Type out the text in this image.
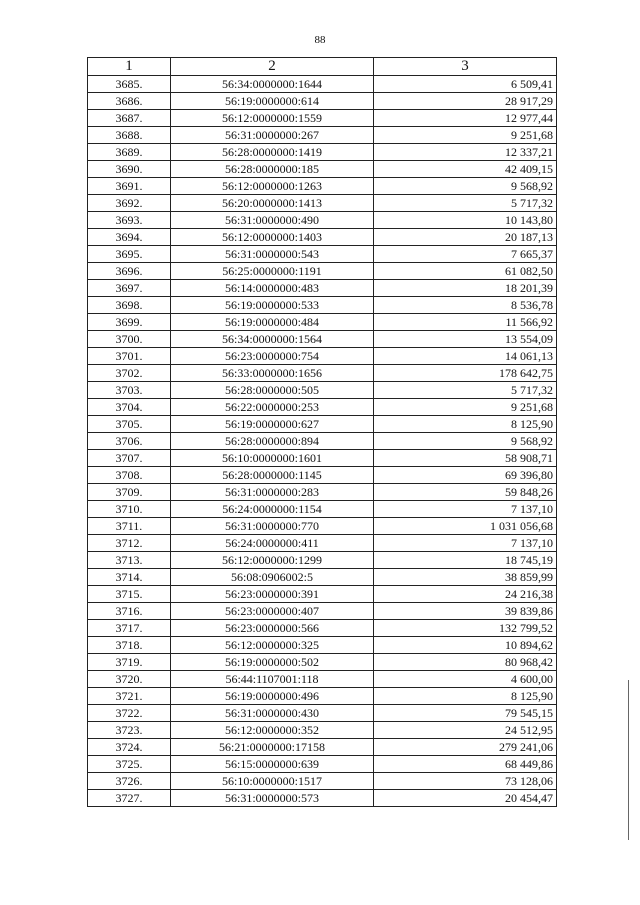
88
1	2	3
3685.	56:34:0000000:1644	6 509,41
3686.	56:19:0000000:614	28 917,29
3687.	56:12:0000000:1559	12 977,44
3688.	56:31:0000000:267	9 251,68
3689.	56:28:0000000:1419	12 337,21
3690.	56:28:0000000:185	42 409,15
3691.	56:12:0000000:1263	9 568,92
3692.	56:20:0000000:1413	5 717,32
3693.	56:31:0000000:490	10 143,80
3694.	56:12:0000000:1403	20 187,13
3695.	56:31:0000000:543	7 665,37
3696.	56:25:0000000:1191	61 082,50
3697.	56:14:0000000:483	18 201,39
3698.	56:19:0000000:533	8 536,78
3699.	56:19:0000000:484	11 566,92
3700.	56:34:0000000:1564	13 554,09
3701.	56:23:0000000:754	14 061,13
3702.	56:33:0000000:1656	178 642,75
3703.	56:28:0000000:505	5 717,32
3704.	56:22:0000000:253	9 251,68
3705.	56:19:0000000:627	8 125,90
3706.	56:28:0000000:894	9 568,92
3707.	56:10:0000000:1601	58 908,71
3708.	56:28:0000000:1145	69 396,80
3709.	56:31:0000000:283	59 848,26
3710.	56:24:0000000:1154	7 137,10
3711.	56:31:0000000:770	1 031 056,68
3712.	56:24:0000000:411	7 137,10
3713.	56:12:0000000:1299	18 745,19
3714.	56:08:0906002:5	38 859,99
3715.	56:23:0000000:391	24 216,38
3716.	56:23:0000000:407	39 839,86
3717.	56:23:0000000:566	132 799,52
3718.	56:12:0000000:325	10 894,62
3719.	56:19:0000000:502	80 968,42
3720.	56:44:1107001:118	4 600,00
3721.	56:19:0000000:496	8 125,90
3722.	56:31:0000000:430	79 545,15
3723.	56:12:0000000:352	24 512,95
3724.	56:21:0000000:17158	279 241,06
3725.	56:15:0000000:639	68 449,86
3726.	56:10:0000000:1517	73 128,06
3727.	56:31:0000000:573	20 454,47
